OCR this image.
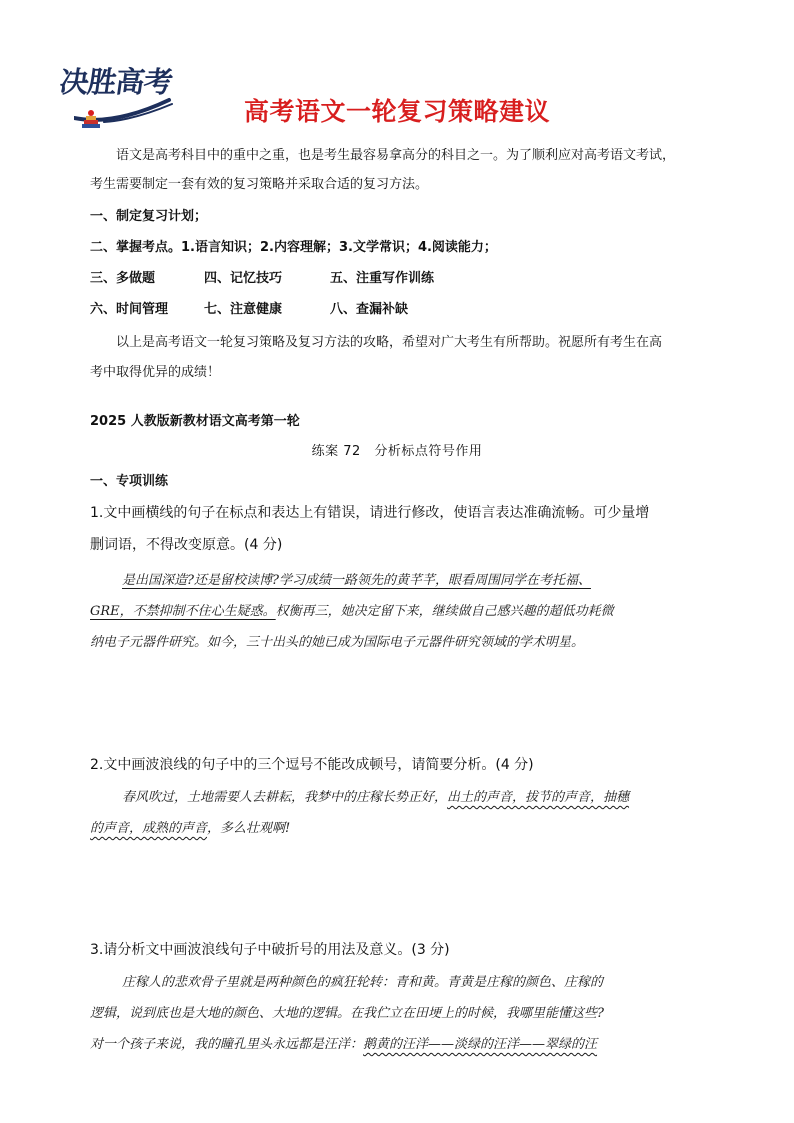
决胜高考
高考语文一轮复习策略建议
语文是高考科目中的重中之重，也是考生最容易拿高分的科目之一。为了顺利应对高考语文考试，
考生需要制定一套有效的复习策略并采取合适的复习方法。
一、制定复习计划；
二、掌握考点。1.语言知识；2.内容理解；3.文学常识；4.阅读能力；
三、多做题	四、记忆技巧	五、注重写作训练
六、时间管理	七、注意健康	八、查漏补缺
以上是高考语文一轮复习策略及复习方法的攻略，希望对广大考生有所帮助。祝愿所有考生在高
考中取得优异的成绩！
2025 人教版新教材语文高考第一轮
练案 72　分析标点符号作用
一、专项训练
1.文中画横线的句子在标点和表达上有错误，请进行修改，使语言表达准确流畅。可少量增
删词语，不得改变原意。(4 分)
是出国深造?还是留校读博?学习成绩一路领先的黄芊芊，眼看周围同学在考托福、
GRE，不禁抑制不住心生疑惑。权衡再三，她决定留下来，继续做自己感兴趣的超低功耗微
纳电子元器件研究。如今，三十出头的她已成为国际电子元器件研究领域的学术明星。
2.文中画波浪线的句子中的三个逗号不能改成顿号，请简要分析。(4 分)
春风吹过，土地需要人去耕耘，我梦中的庄稼长势正好，出土的声音，拔节的声音，抽穗
的声音，成熟的声音，多么壮观啊!
3.请分析文中画波浪线句子中破折号的用法及意义。(3 分)
庄稼人的悲欢骨子里就是两种颜色的疯狂轮转：青和黄。青黄是庄稼的颜色、庄稼的
逻辑，说到底也是大地的颜色、大地的逻辑。在我伫立在田埂上的时候，我哪里能懂这些?
对一个孩子来说，我的瞳孔里头永远都是汪洋：鹅黄的汪洋——淡绿的汪洋——翠绿的汪
